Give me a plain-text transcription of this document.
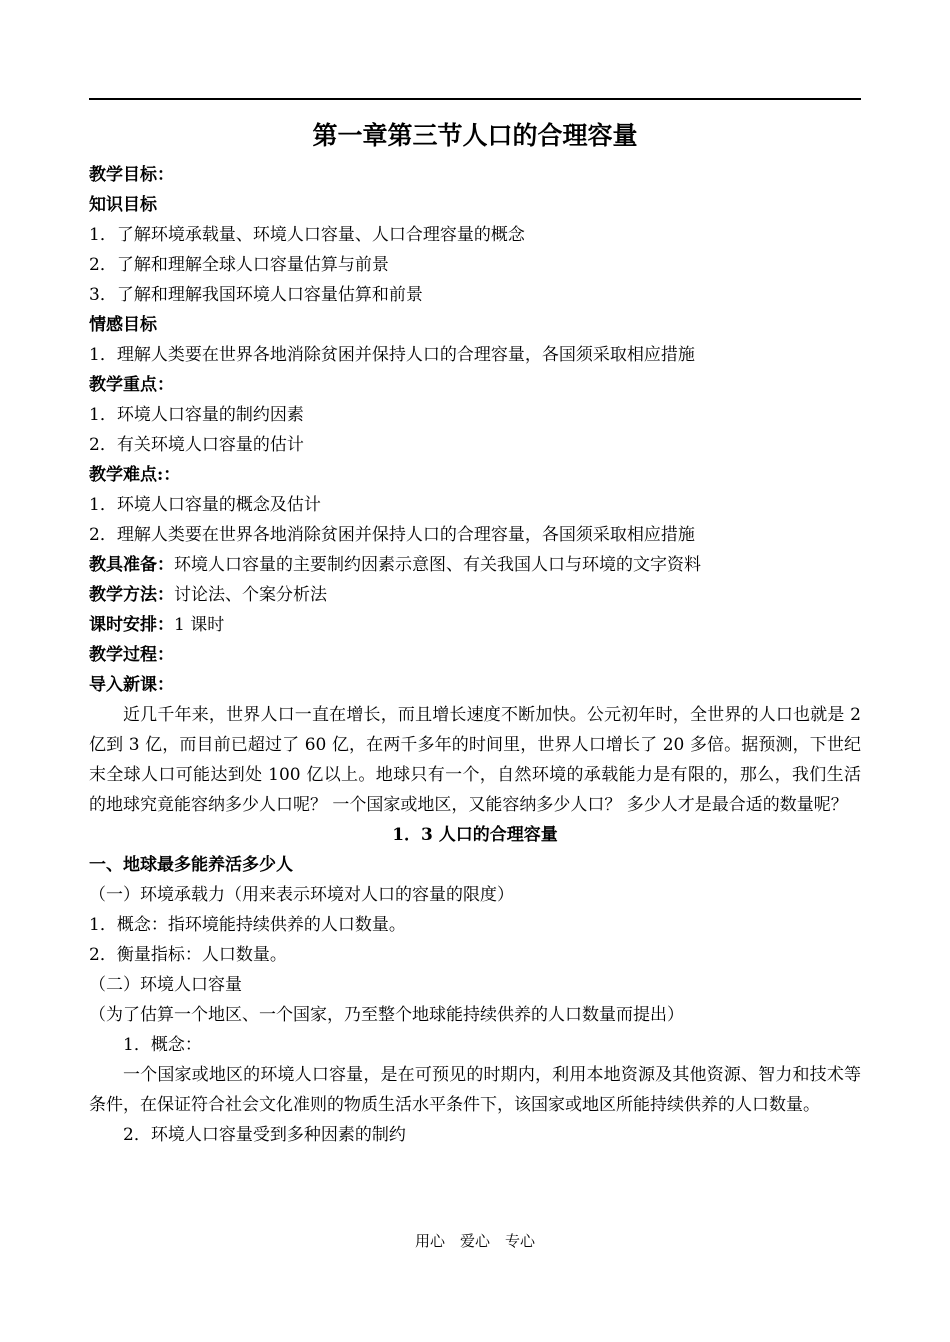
第一章第三节人口的合理容量
教学目标：
知识目标
1．了解环境承载量、环境人口容量、人口合理容量的概念
2．了解和理解全球人口容量估算与前景
3．了解和理解我国环境人口容量估算和前景
情感目标
1．理解人类要在世界各地消除贫困并保持人口的合理容量，各国须采取相应措施
教学重点：
1．环境人口容量的制约因素
2．有关环境人口容量的估计
教学难点:：
1．环境人口容量的概念及估计
2．理解人类要在世界各地消除贫困并保持人口的合理容量，各国须采取相应措施
教具准备：环境人口容量的主要制约因素示意图、有关我国人口与环境的文字资料
教学方法：讨论法、个案分析法
课时安排：1 课时
教学过程：
导入新课：
近几千年来，世界人口一直在增长，而且增长速度不断加快。公元初年时，全世界的人口也就是 2 亿到 3 亿，而目前已超过了 60 亿，在两千多年的时间里，世界人口增长了 20 多倍。据预测，下世纪末全球人口可能达到处 100 亿以上。地球只有一个，自然环境的承载能力是有限的，那么，我们生活的地球究竟能容纳多少人口呢？ 一个国家或地区，又能容纳多少人口？ 多少人才是最合适的数量呢？
1．3 人口的合理容量
一、地球最多能养活多少人
（一）环境承载力（用来表示环境对人口的容量的限度）
1．概念：指环境能持续供养的人口数量。
2．衡量指标：人口数量。
（二）环境人口容量
（为了估算一个地区、一个国家，乃至整个地球能持续供养的人口数量而提出）
1．概念：
一个国家或地区的环境人口容量，是在可预见的时期内，利用本地资源及其他资源、智力和技术等条件，在保证符合社会文化准则的物质生活水平条件下，该国家或地区所能持续供养的人口数量。
2．环境人口容量受到多种因素的制约
用心　爱心　专心
